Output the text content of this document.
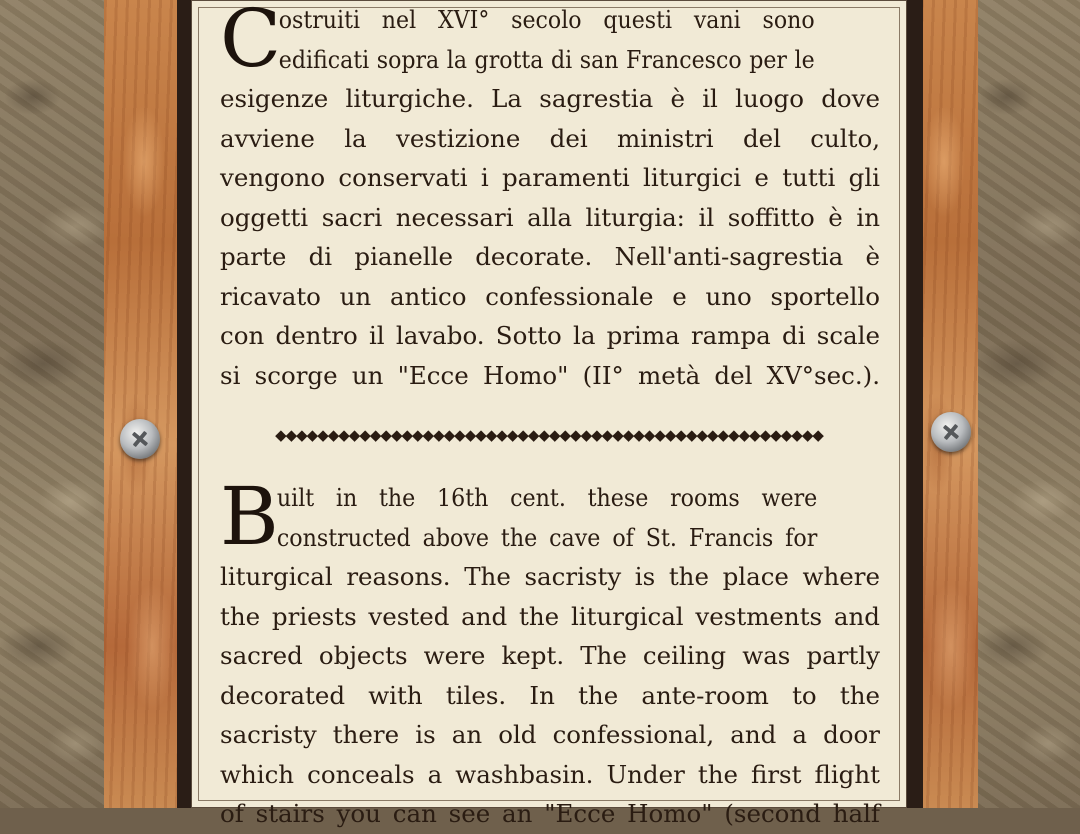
C
ostruiti nel XVI° secolo questi vani sono
edificati sopra la grotta di san Francesco per le
esigenze liturgiche. La sagrestia è il luogo dove
avviene la vestizione dei ministri del culto,
vengono conservati i paramenti liturgici e tutti gli
oggetti sacri necessari alla liturgia: il soffitto è in
parte di pianelle decorate. Nell'anti-sagrestia è
ricavato un antico confessionale e uno sportello
con dentro il lavabo. Sotto la prima rampa di scale
si scorge un "Ecce Homo" (II° metà del XV°sec.).
◆◆◆◆◆◆◆◆◆◆◆◆◆◆◆◆◆◆◆◆◆◆◆◆◆◆◆◆◆◆◆◆◆◆◆◆◆◆◆◆◆◆◆◆◆◆◆◆◆◆◆◆
B
uilt in the 16th cent. these rooms were
constructed above the cave of St. Francis for
liturgical reasons. The sacristy is the place where
the priests vested and the liturgical vestments and
sacred objects were kept. The ceiling was partly
decorated with tiles. In the ante-room to the
sacristy there is an old confessional, and a door
which conceals a washbasin. Under the first flight
of stairs you can see an "Ecce Homo" (second half
